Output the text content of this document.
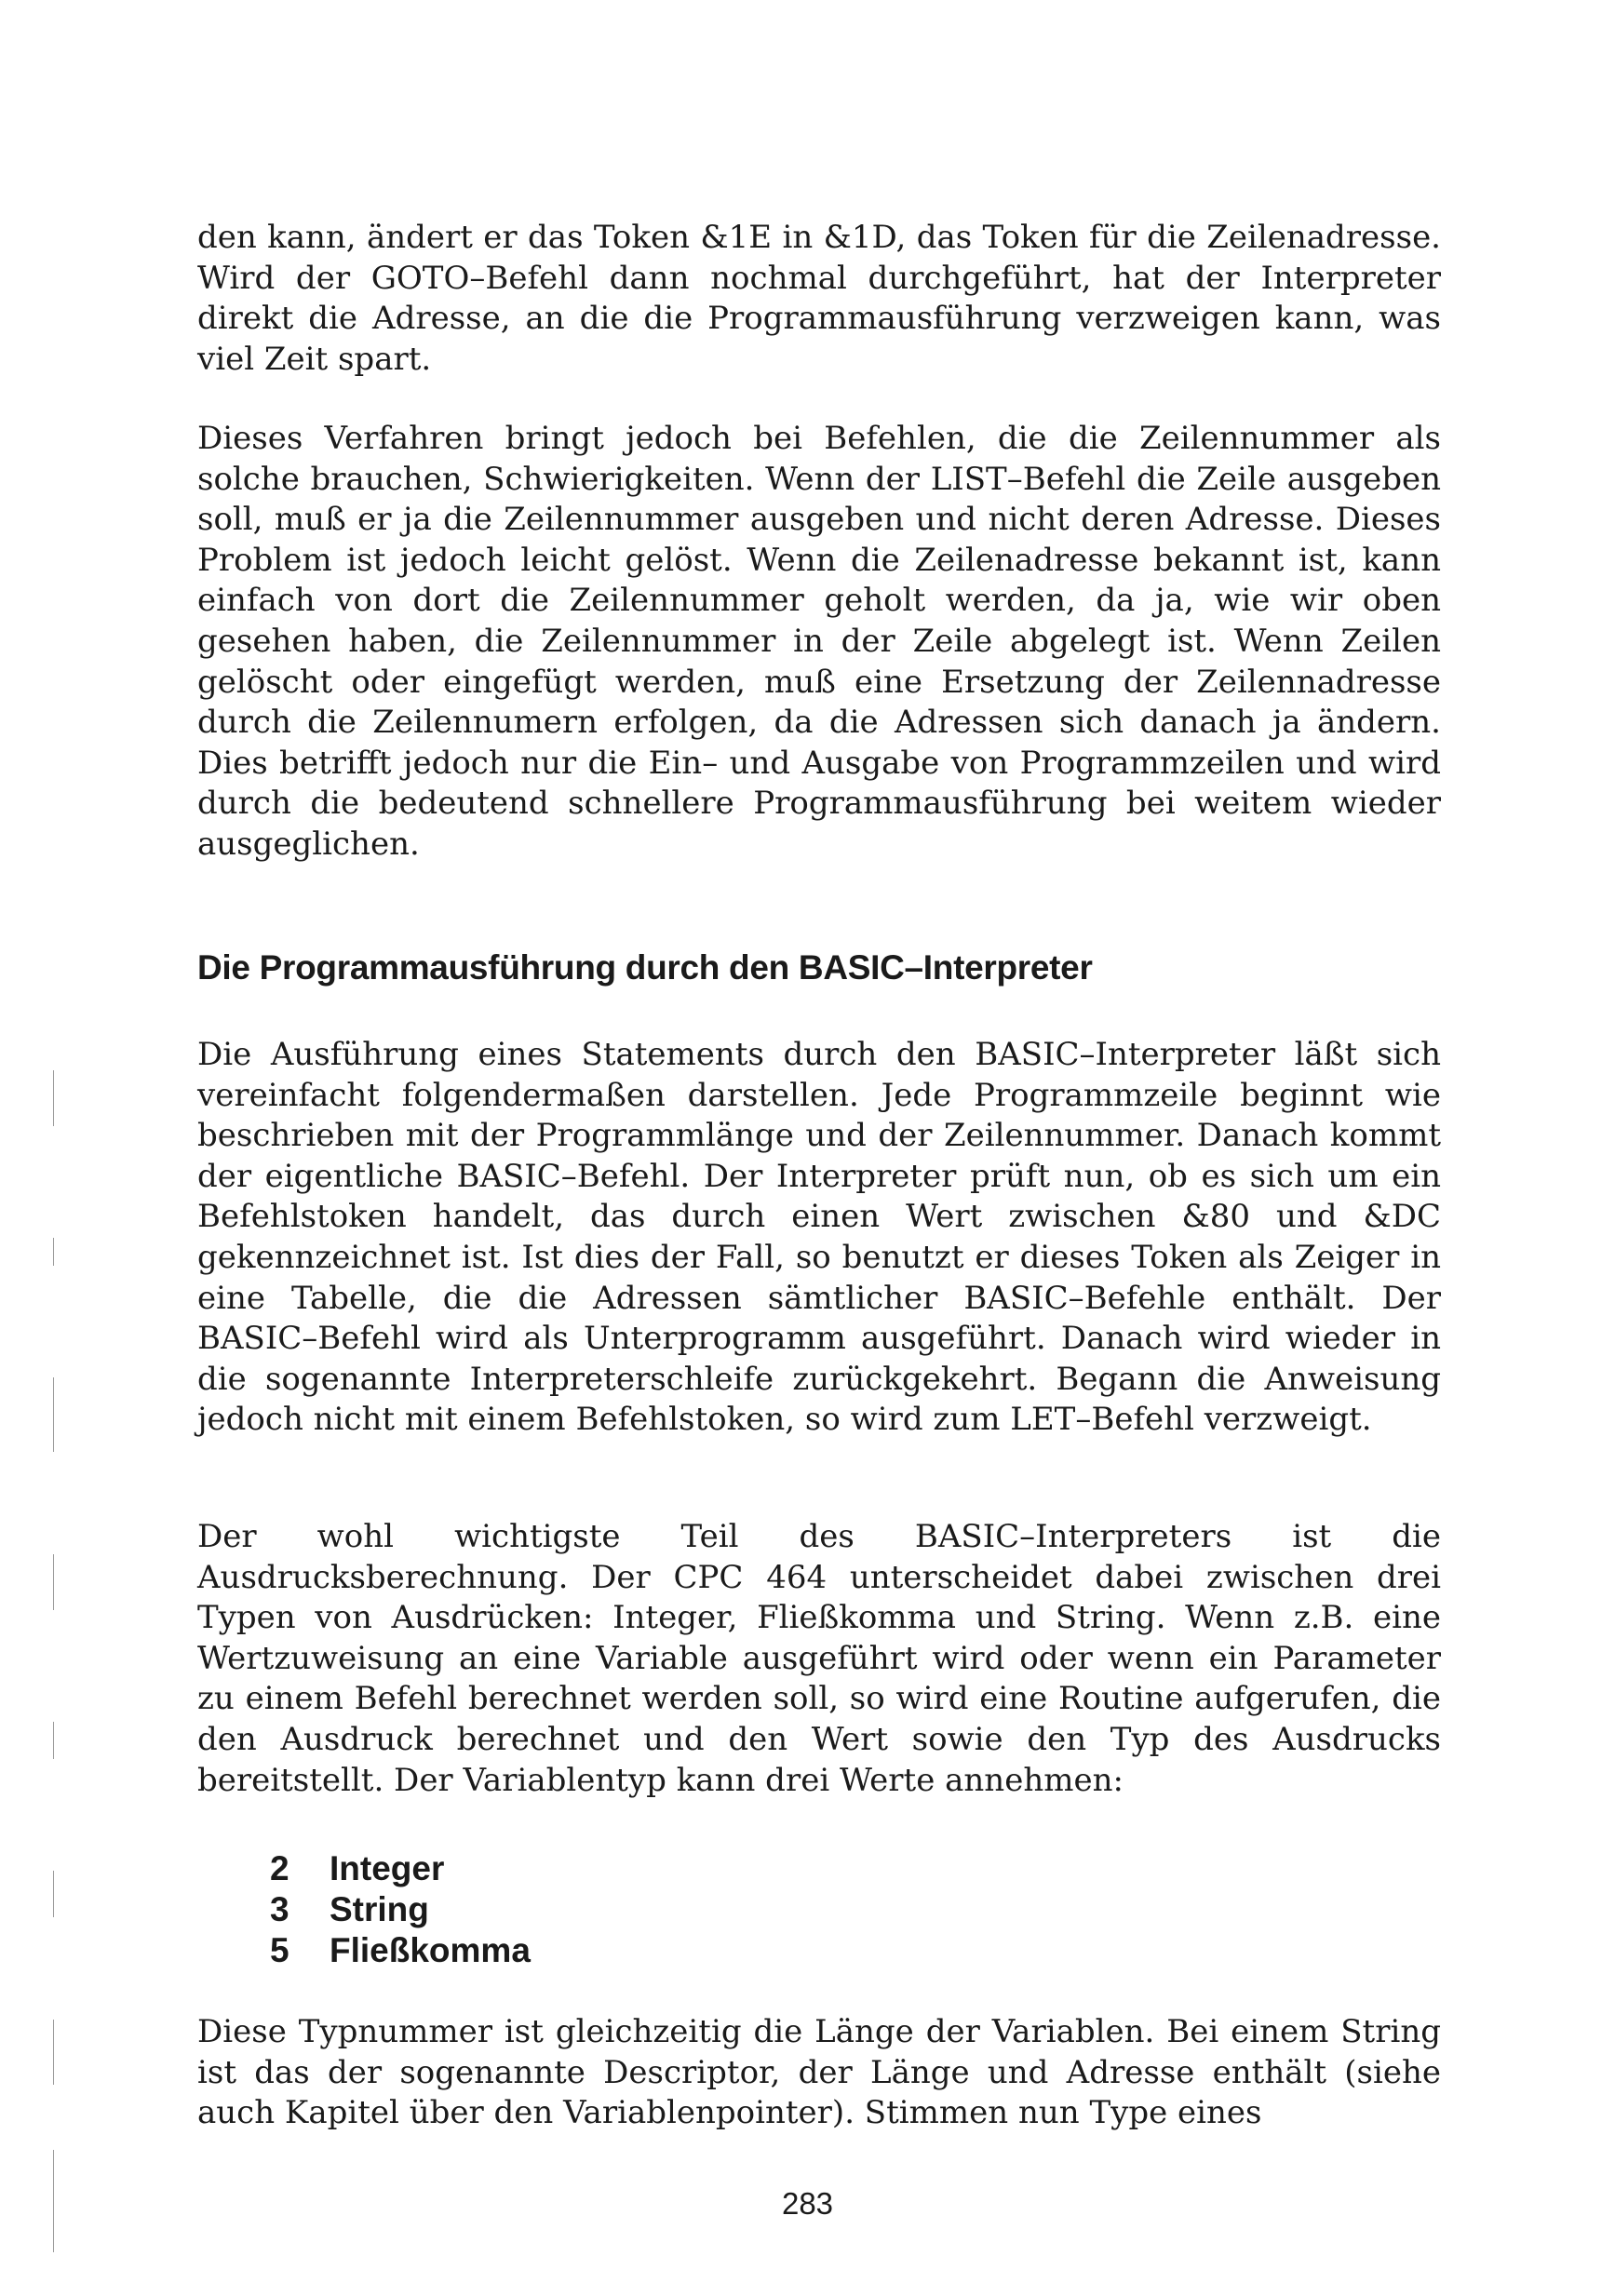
den kann, ändert er das Token &1E in &1D, das Token für die Zeilenadresse. Wird der GOTO–Befehl dann nochmal durchgeführt, hat der Interpreter direkt die Adresse, an die die Programmausführung verzweigen kann, was viel Zeit spart.

Dieses Verfahren bringt jedoch bei Befehlen, die die Zeilennummer als solche brauchen, Schwierigkeiten. Wenn der LIST–Befehl die Zeile ausgeben soll, muß er ja die Zeilennummer ausgeben und nicht deren Adresse. Dieses Problem ist jedoch leicht gelöst. Wenn die Zeilenadresse bekannt ist, kann einfach von dort die Zeilennummer geholt werden, da ja, wie wir oben gesehen haben, die Zeilennummer in der Zeile abgelegt ist. Wenn Zeilen gelöscht oder eingefügt werden, muß eine Ersetzung der Zeilennadresse durch die Zeilennumern erfolgen, da die Adressen sich danach ja ändern. Dies betrifft jedoch nur die Ein– und Ausgabe von Programmzeilen und wird durch die bedeutend schnellere Programmausführung bei weitem wieder ausgeglichen.

Die Programmausführung durch den BASIC–Interpreter

Die Ausführung eines Statements durch den BASIC–Interpreter läßt sich vereinfacht folgendermaßen darstellen. Jede Programmzeile beginnt wie beschrieben mit der Programmlänge und der Zeilennummer. Danach kommt der eigentliche BASIC–Befehl. Der Interpreter prüft nun, ob es sich um ein Befehlstoken handelt, das durch einen Wert zwischen &80 und &DC gekennzeichnet ist. Ist dies der Fall, so benutzt er dieses Token als Zeiger in eine Tabelle, die die Adressen sämtlicher BASIC–Befehle enthält. Der BASIC–Befehl wird als Unterprogramm ausgeführt. Danach wird wieder in die sogenannte Interpreterschleife zurückgekehrt. Begann die Anweisung jedoch nicht mit einem Befehlstoken, so wird zum LET–Befehl verzweigt.

Der wohl wichtigste Teil des BASIC–Interpreters ist die Ausdrucksberechnung. Der CPC 464 unterscheidet dabei zwischen drei Typen von Ausdrücken: Integer, Fließkomma und String. Wenn z.B. eine Wertzuweisung an eine Variable ausgeführt wird oder wenn ein Parameter zu einem Befehl berechnet werden soll, so wird eine Routine aufgerufen, die den Ausdruck berechnet und den Wert sowie den Typ des Ausdrucks bereitstellt. Der Variablentyp kann drei Werte annehmen:

2	Integer
3	String
5	Fließkomma

Diese Typnummer ist gleichzeitig die Länge der Variablen. Bei einem String ist das der sogenannte Descriptor, der Länge und Adresse enthält (siehe auch Kapitel über den Variablenpointer). Stimmen nun Type eines

283
